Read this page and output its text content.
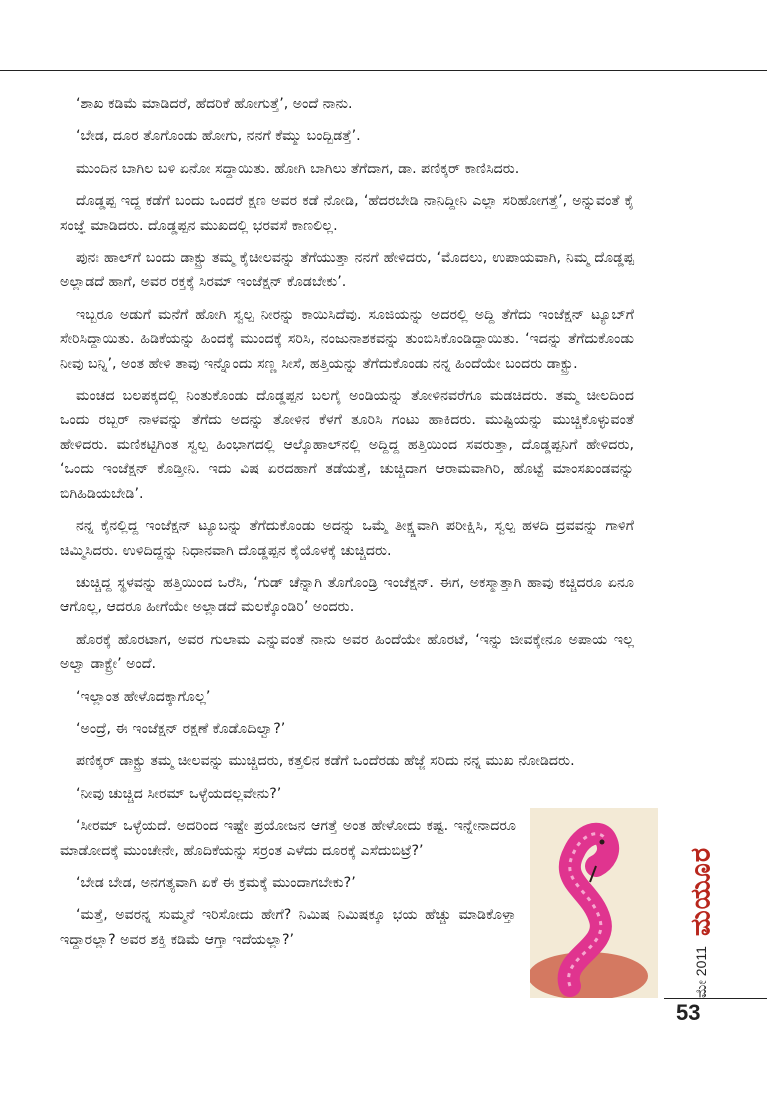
‘ಶಾಖ ಕಡಿಮೆ ಮಾಡಿದರೆ, ಹೆದರಿಕೆ ಹೋಗುತ್ತೆ’, ಅಂದೆ ನಾನು.

‘ಬೇಡ, ದೂರ ತೊಗೊಂಡು ಹೋಗು, ನನಗೆ ಕೆಮ್ಮು ಬಂದ್ಬಿಡತ್ತೆ’.

ಮುಂದಿನ ಬಾಗಿಲ ಬಳಿ ಏನೋ ಸದ್ದಾಯಿತು. ಹೋಗಿ ಬಾಗಿಲು ತೆಗೆದಾಗ, ಡಾ. ಪಣಿಕ್ಕರ್ ಕಾಣಿಸಿದರು.

ದೊಡ್ಡಪ್ಪ ಇದ್ದ ಕಡೆಗೆ ಬಂದು ಒಂದರೆ ಕ್ಷಣ ಅವರ ಕಡೆ ನೋಡಿ, ‘ಹೆದರಬೇಡಿ ನಾನಿದ್ದೀನಿ ಎಲ್ಲಾ ಸರಿಹೋಗತ್ತೆ’, ಅನ್ನುವಂತೆ ಕೈ ಸಂಜ್ಞೆ ಮಾಡಿದರು. ದೊಡ್ಡಪ್ಪನ ಮುಖದಲ್ಲಿ ಭರವಸೆ ಕಾಣಲಿಲ್ಲ.

ಪುನಃ ಹಾಲ್‌ಗೆ ಬಂದು ಡಾಕ್ಟ್ರು ತಮ್ಮ ಕೈಚೀಲವನ್ನು ತೆಗೆಯುತ್ತಾ ನನಗೆ ಹೇಳಿದರು, ‘ಮೊದಲು, ಉಪಾಯವಾಗಿ, ನಿಮ್ಮ ದೊಡ್ಡಪ್ಪ ಅಲ್ಲಾಡದೆ ಹಾಗೆ, ಅವರ ರಕ್ತಕ್ಕೆ ಸಿರಮ್ ಇಂಜೆಕ್ಷನ್ ಕೊಡಬೇಕು’.

ಇಬ್ಬರೂ ಅಡುಗೆ ಮನೆಗೆ ಹೋಗಿ ಸ್ವಲ್ಪ ನೀರನ್ನು ಕಾಯಿಸಿದೆವು. ಸೂಜಿಯನ್ನು ಅದರಲ್ಲಿ ಅದ್ದಿ ತೆಗೆದು ಇಂಜೆಕ್ಷನ್ ಟ್ಯೂಬ್‌ಗೆ ಸೇರಿಸಿದ್ದಾಯಿತು. ಹಿಡಿಕೆಯನ್ನು ಹಿಂದಕ್ಕೆ ಮುಂದಕ್ಕೆ ಸರಿಸಿ, ನಂಜುನಾಶಕವನ್ನು ತುಂಬಿಸಿಕೊಂಡಿದ್ದಾಯಿತು. ‘ಇದನ್ನು ತೆಗೆದುಕೊಂಡು ನೀವು ಬನ್ನಿ’, ಅಂತ ಹೇಳಿ ತಾವು ಇನ್ನೊಂದು ಸಣ್ಣ ಸೀಸೆ, ಹತ್ತಿಯನ್ನು ತೆಗೆದುಕೊಂಡು ನನ್ನ ಹಿಂದೆಯೇ ಬಂದರು ಡಾಕ್ಟ್ರು.

ಮಂಚದ ಬಲಪಕ್ಕದಲ್ಲಿ ನಿಂತುಕೊಂಡು ದೊಡ್ಡಪ್ಪನ ಬಲಗೈ ಅಂಡಿಯನ್ನು ತೋಳಿನವರೆಗೂ ಮಡಚಿದರು. ತಮ್ಮ ಚೀಲದಿಂದ ಒಂದು ರಬ್ಬರ್ ನಾಳವನ್ನು ತೆಗೆದು ಅದನ್ನು ತೋಳಿನ ಕೆಳಗೆ ತೂರಿಸಿ ಗಂಟು ಹಾಕಿದರು. ಮುಷ್ಟಿಯನ್ನು ಮುಚ್ಚಿಕೊಳ್ಳುವಂತೆ ಹೇಳಿದರು. ಮಣಿಕಟ್ಟಿಗಿಂತ ಸ್ವಲ್ಪ ಹಿಂಭಾಗದಲ್ಲಿ ಆಲ್ಕೊಹಾಲ್‌ನಲ್ಲಿ ಅದ್ದಿದ್ದ ಹತ್ತಿಯಿಂದ ಸವರುತ್ತಾ, ದೊಡ್ಡಪ್ಪನಿಗೆ ಹೇಳಿದರು, ‘ಒಂದು ಇಂಜೆಕ್ಷನ್ ಕೊಡ್ತೀನಿ. ಇದು ವಿಷ ಏರದಹಾಗೆ ತಡೆಯತ್ತೆ, ಚುಚ್ಚಿದಾಗ ಆರಾಮವಾಗಿರಿ, ಹೊಟ್ಟೆ ಮಾಂಸಖಂಡವನ್ನು ಬಿಗಿಹಿಡಿಯಬೇಡಿ’.

ನನ್ನ ಕೈನಲ್ಲಿದ್ದ ಇಂಜೆಕ್ಷನ್ ಟ್ಯೂಬನ್ನು ತೆಗೆದುಕೊಂಡು ಅದನ್ನು ಒಮ್ಮೆ ತೀಕ್ಷ್ಣವಾಗಿ ಪರೀಕ್ಷಿಸಿ, ಸ್ವಲ್ಪ ಹಳದಿ ದ್ರವವನ್ನು ಗಾಳಿಗೆ ಚಿಮ್ಮಿಸಿದರು. ಉಳಿದಿದ್ದನ್ನು ನಿಧಾನವಾಗಿ ದೊಡ್ಡಪ್ಪನ ಕೈಯೊಳಕ್ಕೆ ಚುಚ್ಚಿದರು.

ಚುಚ್ಚಿದ್ದ ಸ್ಥಳವನ್ನು ಹತ್ತಿಯಿಂದ ಒರೆಸಿ, ‘ಗುಡ್ ಚೆನ್ನಾಗಿ ತೊಗೊಂಡ್ರಿ ಇಂಜೆಕ್ಷನ್. ಈಗ, ಅಕಸ್ಮಾತ್ತಾಗಿ ಹಾವು ಕಚ್ಚಿದರೂ ಏನೂ ಆಗೊಲ್ಲ, ಆದರೂ ಹೀಗೆಯೇ ಅಲ್ಲಾಡದೆ ಮಲಕ್ಕೊಂಡಿರಿ’ ಅಂದರು.

ಹೊರಕ್ಕೆ ಹೊರಟಾಗ, ಅವರ ಗುಲಾಮ ಎನ್ನುವಂತೆ ನಾನು ಅವರ ಹಿಂದೆಯೇ ಹೊರಟೆ, ‘ಇನ್ನು ಜೀವಕ್ಕೇನೂ ಅಪಾಯ ಇಲ್ಲ ಅಲ್ವಾ ಡಾಕ್ಟ್ರೇ’ ಅಂದೆ.

‘ಇಲ್ಲಾಂತ ಹೇಳೊದಕ್ಕಾಗೊಲ್ಲ’

‘ಅಂದ್ರೆ, ಈ ಇಂಜೆಕ್ಷನ್ ರಕ್ಷಣೆ ಕೊಡೊದಿಲ್ವಾ?’

ಪಣಿಕ್ಕರ್ ಡಾಕ್ಟ್ರು ತಮ್ಮ ಚೀಲವನ್ನು ಮುಚ್ಚಿದರು, ಕತ್ತಲಿನ ಕಡೆಗೆ ಒಂದೆರಡು ಹೆಜ್ಜೆ ಸರಿದು ನನ್ನ ಮುಖ ನೋಡಿದರು.

‘ನೀವು ಚುಚ್ಚಿದ ಸೀರಮ್ ಒಳ್ಳೆಯದಲ್ಲವೇನು?’

‘ಸೀರಮ್ ಒಳ್ಳೆಯದೆ. ಅದರಿಂದ ಇಷ್ಟೇ ಪ್ರಯೋಜನ ಆಗತ್ತೆ ಅಂತ ಹೇಳೋದು ಕಷ್ಟ. ಇನ್ನೇನಾದರೂ ಮಾಡೋದಕ್ಕೆ ಮುಂಚೇನೇ, ಹೊದಿಕೆಯನ್ನು ಸರ್ರಂತ ಎಳೆದು ದೂರಕ್ಕೆ ಎಸೆದುಬಿಟ್ರೆ?’

‘ಬೇಡ ಬೇಡ, ಅನಗತ್ಯವಾಗಿ ಏಕೆ ಈ ಕ್ರಮಕ್ಕೆ ಮುಂದಾಗಬೇಕು?’

‘ಮತ್ತೆ, ಅವರನ್ನ ಸುಮ್ಮನೆ ಇರಿಸೋದು ಹೇಗೆ? ನಿಮಿಷ ನಿಮಿಷಕ್ಕೂ ಭಯ ಹೆಚ್ಚು ಮಾಡಿಕೊಳ್ತಾ ಇದ್ದಾರಲ್ಲಾ? ಅವರ ಶಕ್ತಿ ಕಡಿಮೆ ಆಗ್ತಾ ಇದೆಯಲ್ಲಾ?’

ಮೇ 2011
ಮಯೂರ
53
